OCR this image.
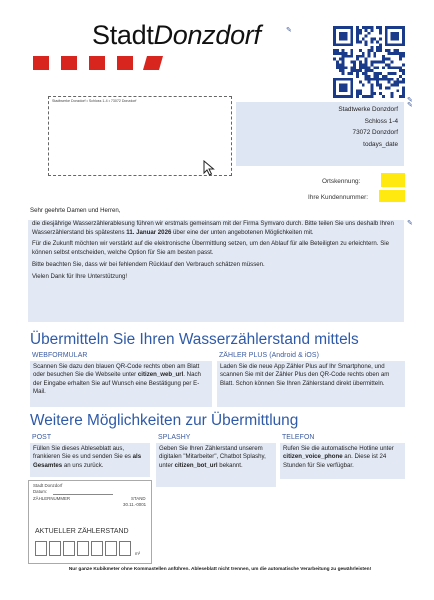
StadtDonzdorf	✎
✎
Stadtwerke Donzdorf • Schloss 1-4 • 73072 Donzdorf
Stadtwerke Donzdorf
Schloss 1-4
73072 Donzdorf
todays_date
✎
Ortskennung:
Ihre Kundennummer:
Sehr geehrte Damen und Herren,

die diesjährige Wasserzählerablesung führen wir erstmals gemeinsam mit der Firma Symvaro durch. Bitte teilen Sie uns deshalb Ihren Wasserzählerstand bis spätestens 11. Januar 2026 über eine der unten angebotenen Möglichkeiten mit.

Für die Zukunft möchten wir verstärkt auf die elektronische Übermittlung setzen, um den Ablauf für alle Beteiligten zu erleichtern. Sie können selbst entscheiden, welche Option für Sie am besten passt.

Bitte beachten Sie, dass wir bei fehlendem Rücklauf den Verbrauch schätzen müssen.

Vielen Dank für Ihre Unterstützung!

✎
Übermitteln Sie Ihren Wasserzählerstand mittels
WEBFORMULAR
Scannen Sie dazu den blauen QR-Code rechts oben am Blatt oder besuchen Sie die Webseite unter citizen_web_url. Nach der Eingabe erhalten Sie auf Wunsch eine Bestätigung per E-Mail.
ZÄHLER PLUS (Android & iOS)
Laden Sie die neue App Zähler Plus auf Ihr Smartphone, und scannen Sie mit der Zähler Plus den QR-Code rechts oben am Blatt. Schon können Sie Ihren Zählerstand direkt übermitteln.
Weitere Möglichkeiten zur Übermittlung
POST
Füllen Sie dieses Ableseblatt aus, frankieren Sie es und senden Sie es als Gesamtes an uns zurück.
SPLASHY
Geben Sie Ihren Zählerstand unserem digitalen "Mitarbeiter", Chatbot Splashy, unter citizen_bot_url bekannt.
TELEFON
Rufen Sie die automatische Hotline unter citizen_voice_phone an. Diese ist 24 Stunden für Sie verfügbar.
Stadt Donzdorf
Datum:
ZÄHLERNUMMER	STAND
30.11.-0001
AKTUELLER ZÄHLERSTAND
m³
Nur ganze Kubikmeter ohne Kommastellen anführen. Ableseblatt nicht trennen, um die automatische Verarbeitung zu gewährleisten!
